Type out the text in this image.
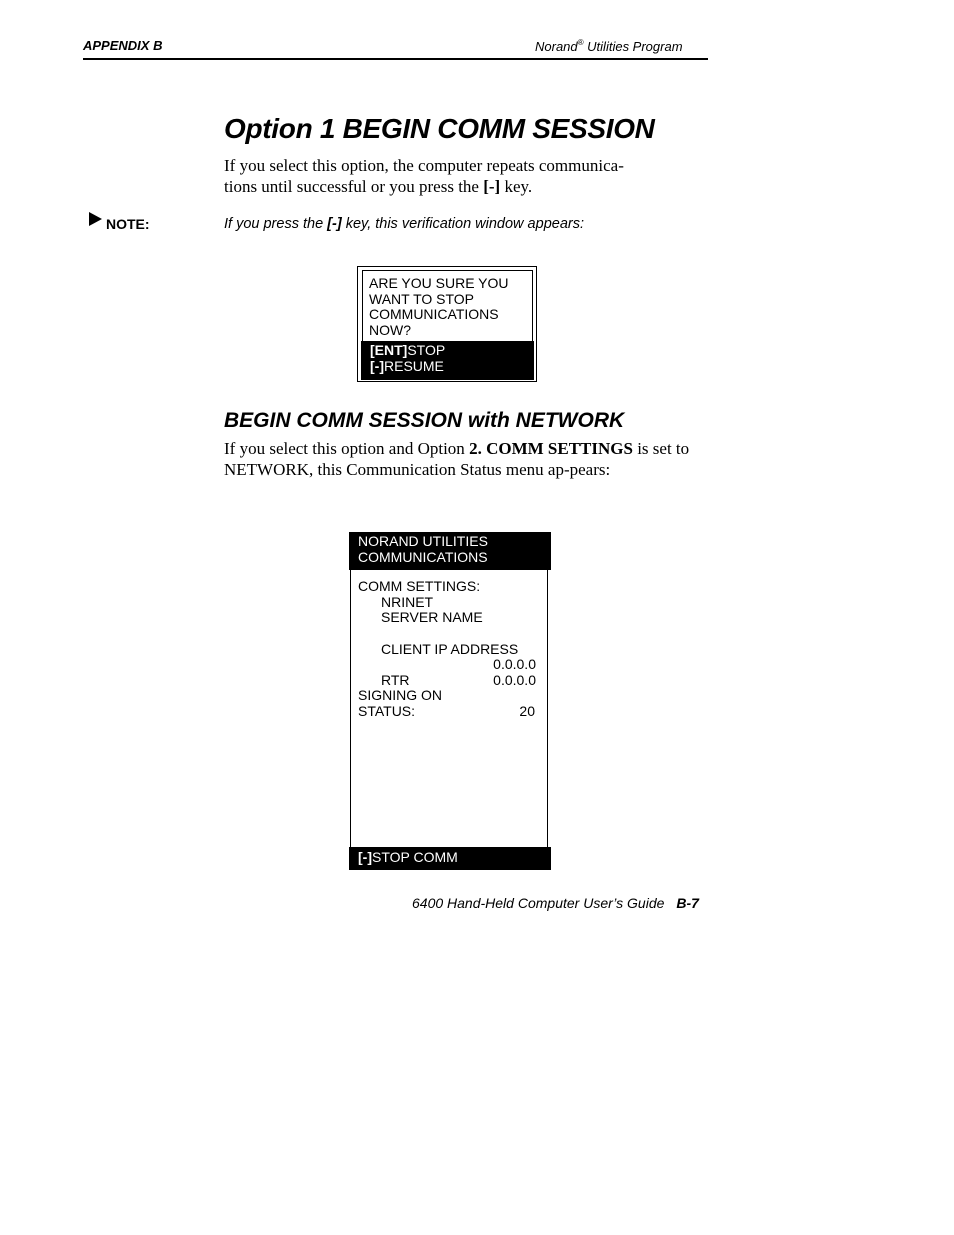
APPENDIX B	Norand® Utilities Program
Option 1 BEGIN COMM SESSION
If you select this option, the computer repeats communica-
tions until successful or you press the [-] key.
NOTE:	If you press the [-] key, this verification window appears:
ARE YOU SURE YOU
WANT TO STOP
COMMUNICATIONS
NOW?
[ENT]STOP
[-]RESUME
BEGIN COMM SESSION with NETWORK
If you select this option and Option 2. COMM SETTINGS is set to NETWORK, this Communication Status menu ap-pears:
NORAND UTILITIES
COMMUNICATIONS
COMM SETTINGS:
NRINET
SERVER NAME
CLIENT IP ADDRESS
0.0.0.0
RTR	0.0.0.0
SIGNING ON
STATUS:	20
[-]STOP COMM
6400 Hand-Held Computer User’s Guide B-7
